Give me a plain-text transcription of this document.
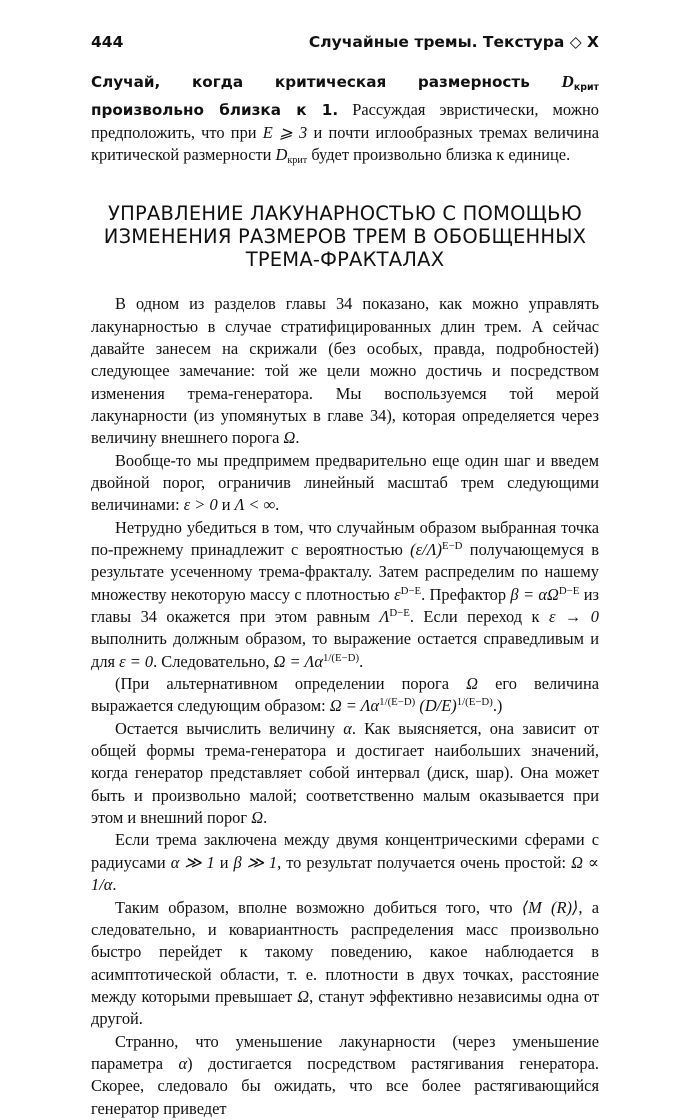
444	Случайные тремы. Текстура ◇ X

Случай, когда критическая размерность $D_{крит}$ произвольно близка к 1. Рассуждая эвристически, можно предположить, что при E ⩾ 3 и почти иглообразных тремах величина критической размерности $D_{крит}$ будет произвольно близка к единице.

УПРАВЛЕНИЕ ЛАКУНАРНОСТЬЮ С ПОМОЩЬЮ
ИЗМЕНЕНИЯ РАЗМЕРОВ ТРЕМ В ОБОБЩЕННЫХ
ТРЕМА-ФРАКТАЛАХ

В одном из разделов главы 34 показано, как можно управлять лакунарностью в случае стратифицированных длин трем. А сейчас давайте занесем на скрижали (без особых, правда, подробностей) следующее замечание: той же цели можно достичь и посредством изменения трема-генератора. Мы воспользуемся той мерой лакунарности (из упомянутых в главе 34), которая определяется через величину внешнего порога Ω.

Вообще-то мы предпримем предварительно еще один шаг и введем двойной порог, ограничив линейный масштаб трем следующими величинами: ε > 0 и Λ < ∞.

Нетрудно убедиться в том, что случайным образом выбранная точка по-прежнему принадлежит с вероятностью $(\varepsilon/\Lambda)^{E-D}$ получающемуся в результате усеченному трема-фракталу. Затем распределим по нашему множеству некоторую массу с плотностью $\varepsilon^{D-E}$. Префактор $\beta = \alpha\Omega^{D-E}$ из главы 34 окажется при этом равным $\Lambda^{D-E}$. Если переход к ε → 0 выполнить должным образом, то выражение остается справедливым и для ε = 0. Следовательно, $\Omega = \Lambda\alpha^{1/(E-D)}$.

(При альтернативном определении порога Ω его величина выражается следующим образом: $\Omega = \Lambda\alpha^{1/(E-D)}$ $(D/E)^{1/(E-D)}$.)

Остается вычислить величину α. Как выясняется, она зависит от общей формы трема-генератора и достигает наибольших значений, когда генератор представляет собой интервал (диск, шар). Она может быть и произвольно малой; соответственно малым оказывается при этом и внешний порог Ω.

Если трема заключена между двумя концентрическими сферами с радиусами α ≫ 1 и β ≫ 1, то результат получается очень простой: Ω ∝ 1/α.

Таким образом, вполне возможно добиться того, что ⟨M (R)⟩, а следовательно, и ковариантность распределения масс произвольно быстро перейдет к такому поведению, какое наблюдается в асимптотической области, т. е. плотности в двух точках, расстояние между которыми превышает Ω, станут эффективно независимы одна от другой.

Странно, что уменьшение лакунарности (через уменьшение параметра α) достигается посредством растягивания генератора. Скорее, следовало бы ожидать, что все более растягивающийся генератор приведет
